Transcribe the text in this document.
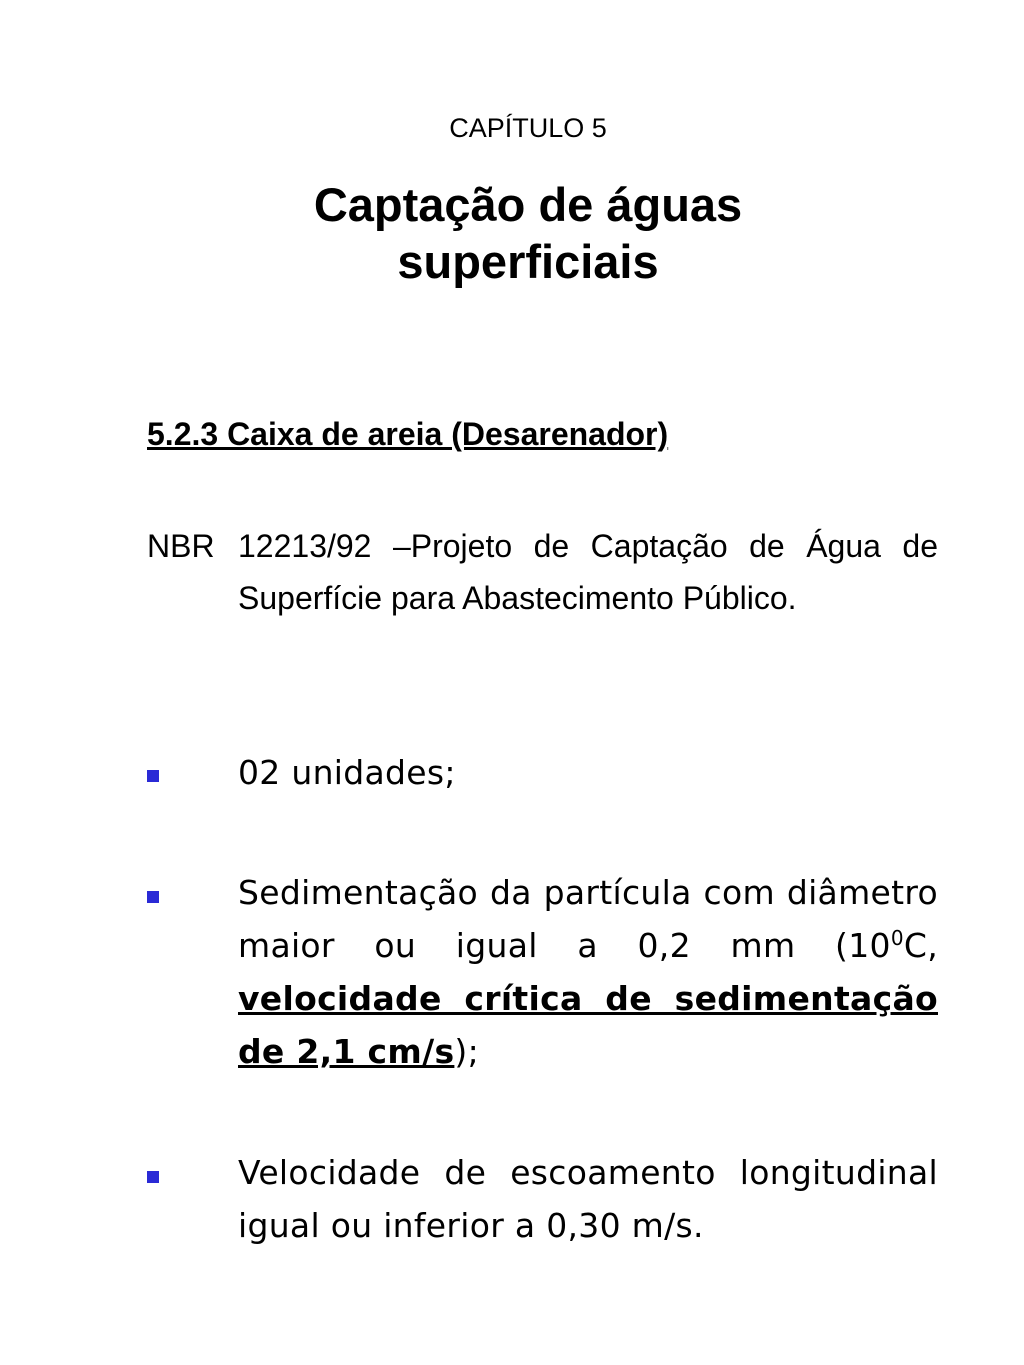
CAPÍTULO 5
Captação de águas
superficiais
5.2.3 Caixa de areia (Desarenador)
NBR 12213/92 –Projeto de Captação de Água de Superfície para Abastecimento Público.
02 unidades;
Sedimentação da partícula com diâmetro maior ou igual a 0,2 mm ($10^0C$, velocidade crítica de sedimentação de 2,1 cm/s);
Velocidade de escoamento longitudinal igual ou inferior a 0,30 m/s.
